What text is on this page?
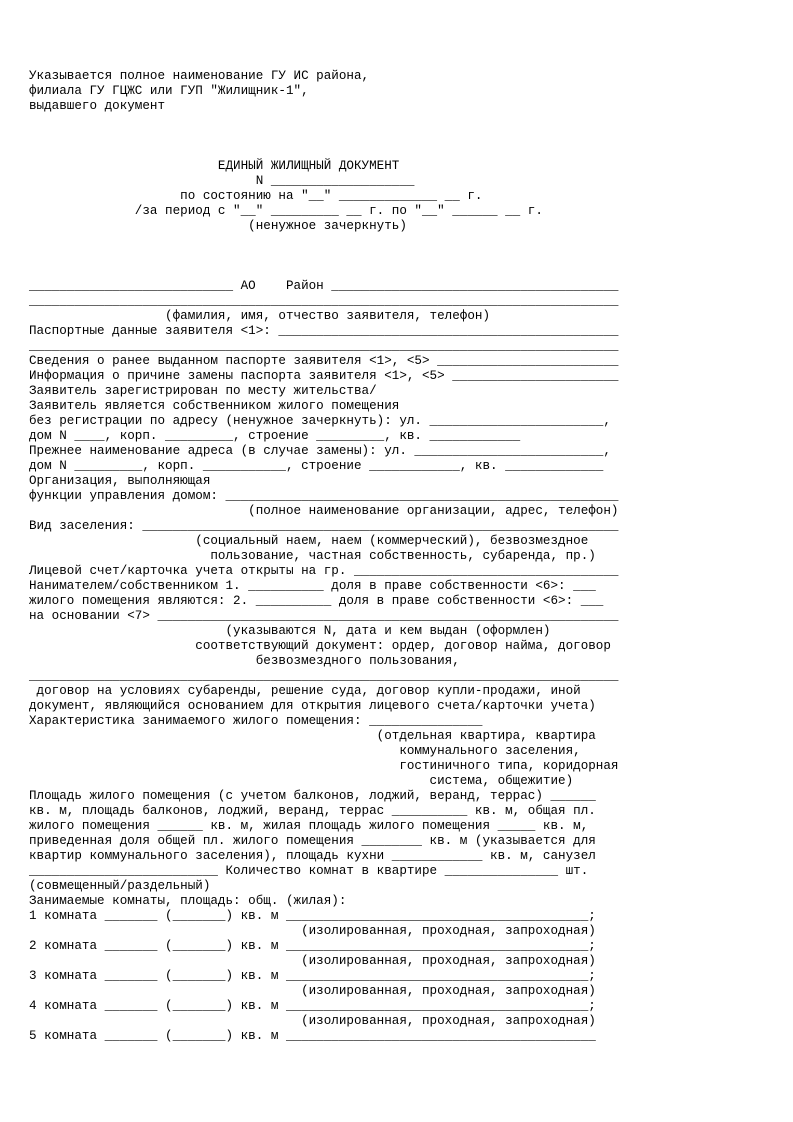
Указывается полное наименование ГУ ИС района,
филиала ГУ ГЦЖС или ГУП "Жилищник-1",
выдавшего документ
ЕДИНЫЙ ЖИЛИЩНЫЙ ДОКУМЕНТ
N ___________________
по состоянию на "__" _____________ __ г.
/за период с "__" _________ __ г. по "__" ______ __ г.
(ненужное зачеркнуть)
___________________________ АО    Район ______________________________________
______________________________________________________________________________
(фамилия, имя, отчество заявителя, телефон)
Паспортные данные заявителя <1>: _____________________________________________
______________________________________________________________________________
Сведения о ранее выданном паспорте заявителя <1>, <5> ________________________
Информация о причине замены паспорта заявителя <1>, <5> ______________________
Заявитель зарегистрирован по месту жительства/
Заявитель является собственником жилого помещения
без регистрации по адресу (ненужное зачеркнуть): ул. _______________________,
дом N ____, корп. _________, строение _________, кв. ____________
Прежнее наименование адреса (в случае замены): ул. _________________________,
дом N _________, корп. ___________, строение ____________, кв. _____________
Организация, выполняющая
функции управления домом: ____________________________________________________
(полное наименование организации, адрес, телефон)
Вид заселения: _______________________________________________________________
(социальный наем, наем (коммерческий), безвозмездное
пользование, частная собственность, субаренда, пр.)
Лицевой счет/карточка учета открыты на гр. ___________________________________
Нанимателем/собственником 1. __________ доля в праве собственности <6>: ___
жилого помещения являются: 2. __________ доля в праве собственности <6>: ___
на основании <7> _____________________________________________________________
(указываются N, дата и кем выдан (оформлен)
соответствующий документ: ордер, договор найма, договор
безвозмездного пользования,
______________________________________________________________________________
договор на условиях субаренды, решение суда, договор купли-продажи, иной
документ, являющийся основанием для открытия лицевого счета/карточки учета)
Характеристика занимаемого жилого помещения: _______________
(отдельная квартира, квартира
коммунального заселения,
гостиничного типа, коридорная
система, общежитие)
Площадь жилого помещения (с учетом балконов, лоджий, веранд, террас) ______
кв. м, площадь балконов, лоджий, веранд, террас __________ кв. м, общая пл.
жилого помещения ______ кв. м, жилая площадь жилого помещения _____ кв. м,
приведенная доля общей пл. жилого помещения ________ кв. м (указывается для
квартир коммунального заселения), площадь кухни ____________ кв. м, санузел
_________________________ Количество комнат в квартире _______________ шт.
(совмещенный/раздельный)
Занимаемые комнаты, площадь: общ. (жилая):
1 комната _______ (_______) кв. м ________________________________________;
(изолированная, проходная, запроходная)
2 комната _______ (_______) кв. м ________________________________________;
(изолированная, проходная, запроходная)
3 комната _______ (_______) кв. м ________________________________________;
(изолированная, проходная, запроходная)
4 комната _______ (_______) кв. м ________________________________________;
(изолированная, проходная, запроходная)
5 комната _______ (_______) кв. м _________________________________________
